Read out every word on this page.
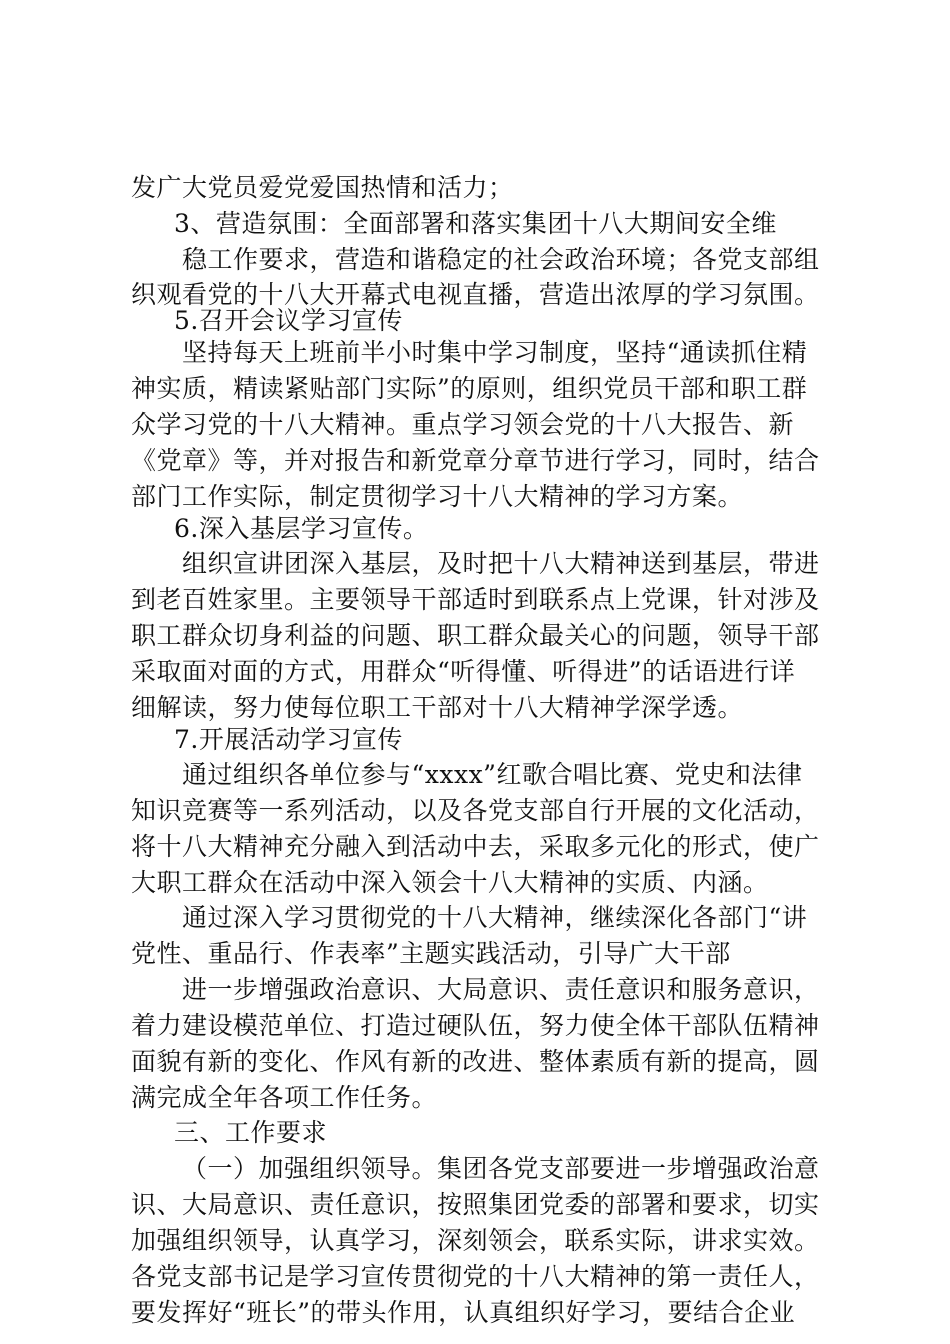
发广大党员爱党爱国热情和活力；
3、营造氛围：全面部署和落实集团十八大期间安全维
稳工作要求，营造和谐稳定的社会政治环境；各党支部组
织观看党的十八大开幕式电视直播，营造出浓厚的学习氛围。
5.召开会议学习宣传
坚持每天上班前半小时集中学习制度，坚持“通读抓住精
神实质，精读紧贴部门实际”的原则，组织党员干部和职工群
众学习党的十八大精神。重点学习领会党的十八大报告、新
《党章》等，并对报告和新党章分章节进行学习，同时，结合
部门工作实际，制定贯彻学习十八大精神的学习方案。
6.深入基层学习宣传。
组织宣讲团深入基层，及时把十八大精神送到基层，带进
到老百姓家里。主要领导干部适时到联系点上党课，针对涉及
职工群众切身利益的问题、职工群众最关心的问题，领导干部
采取面对面的方式，用群众“听得懂、听得进”的话语进行详
细解读，努力使每位职工干部对十八大精神学深学透。
7.开展活动学习宣传
通过组织各单位参与“xxxx”红歌合唱比赛、党史和法律
知识竞赛等一系列活动，以及各党支部自行开展的文化活动，
将十八大精神充分融入到活动中去，采取多元化的形式，使广
大职工群众在活动中深入领会十八大精神的实质、内涵。
通过深入学习贯彻党的十八大精神，继续深化各部门“讲
党性、重品行、作表率”主题实践活动，引导广大干部
进一步增强政治意识、大局意识、责任意识和服务意识，
着力建设模范单位、打造过硬队伍，努力使全体干部队伍精神
面貌有新的变化、作风有新的改进、整体素质有新的提高，圆
满完成全年各项工作任务。
三、工作要求
（一）加强组织领导。集团各党支部要进一步增强政治意
识、大局意识、责任意识，按照集团党委的部署和要求，切实
加强组织领导，认真学习，深刻领会，联系实际，讲求实效。
各党支部书记是学习宣传贯彻党的十八大精神的第一责任人，
要发挥好“班长”的带头作用，认真组织好学习，要结合企业
